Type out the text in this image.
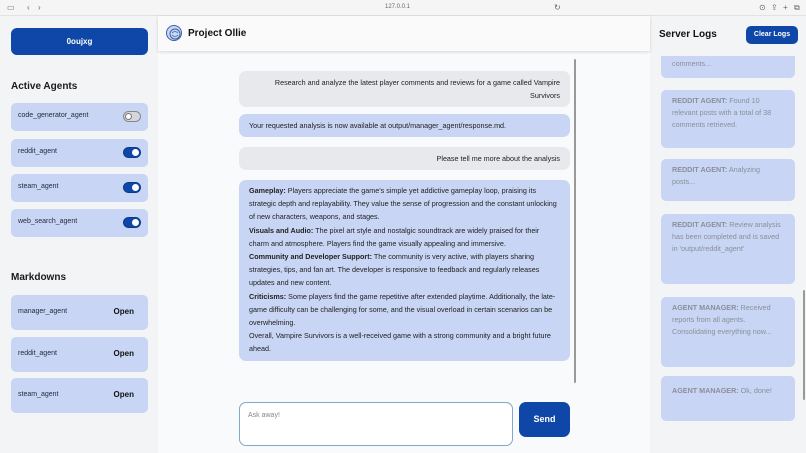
▭ ‹ ›	127.0.0.1	↻	⊙ ⇪ + ⧉
0oujxg
Active Agents
code_generator_agent
reddit_agent
steam_agent
web_search_agent
Markdowns
manager_agent	Open
reddit_agent	Open
steam_agent	Open
Project Ollie

Research and analyze the latest player comments and reviews for a game called Vampire Survivors

Your requested analysis is now available at output/manager_agent/response.md.

Please tell me more about the analysis

Gameplay: Players appreciate the game's simple yet addictive gameplay loop, praising its strategic depth and replayability. They value the sense of progression and the constant unlocking of new characters, weapons, and stages.

Visuals and Audio: The pixel art style and nostalgic soundtrack are widely praised for their charm and atmosphere. Players find the game visually appealing and immersive.

Community and Developer Support: The community is very active, with players sharing strategies, tips, and fan art. The developer is responsive to feedback and regularly releases updates and new content.

Criticisms: Some players find the game repetitive after extended playtime. Additionally, the late-game difficulty can be challenging for some, and the visual overload in certain scenarios can be overwhelming.

Overall, Vampire Survivors is a well-received game with a strong community and a bright future ahead.

Ask away!	Send
Server Logs	Clear Logs
comments...
REDDIT AGENT: Found 10 relevant posts with a total of 38 comments retrieved.
REDDIT AGENT: Analyzing posts...
REDDIT AGENT: Review analysis has been completed and is saved in 'output/reddit_agent'
AGENT MANAGER: Received reports from all agents. Consolidating everything now...
AGENT MANAGER: Ok, done!
